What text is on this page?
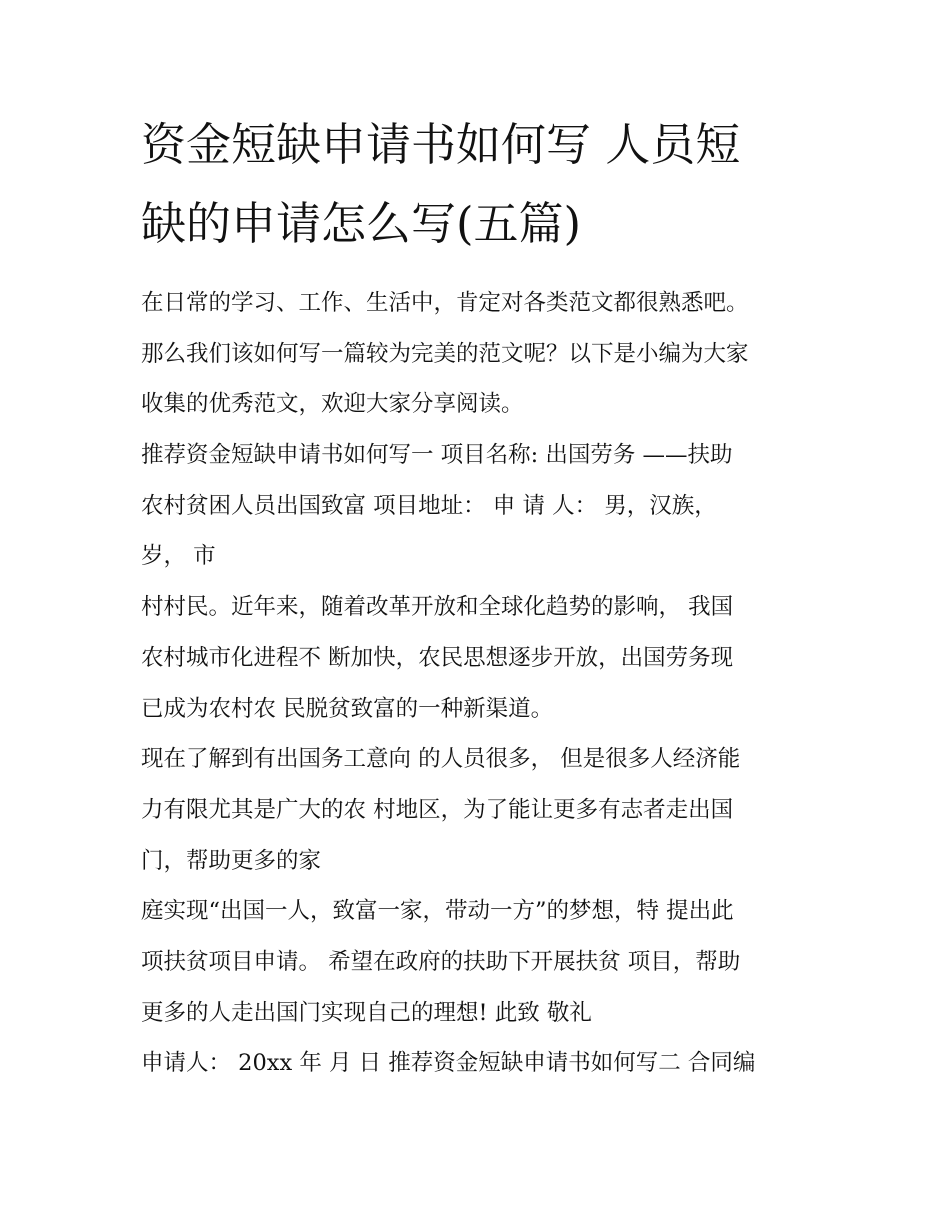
资金短缺申请书如何写 人员短
缺的申请怎么写(五篇)
在日常的学习、工作、生活中，肯定对各类范文都很熟悉吧。
那么我们该如何写一篇较为完美的范文呢？以下是小编为大家
收集的优秀范文，欢迎大家分享阅读。
推荐资金短缺申请书如何写一 项目名称: 出国劳务 ——扶助
农村贫困人员出国致富 项目地址： 申 请 人： 男，汉族，
岁， 市
村村民。近年来，随着改革开放和全球化趋势的影响， 我国
农村城市化进程不 断加快，农民思想逐步开放，出国劳务现
已成为农村农 民脱贫致富的一种新渠道。
现在了解到有出国务工意向 的人员很多， 但是很多人经济能
力有限尤其是广大的农 村地区，为了能让更多有志者走出国
门，帮助更多的家
庭实现“出国一人，致富一家，带动一方”的梦想，特 提出此
项扶贫项目申请。 希望在政府的扶助下开展扶贫 项目，帮助
更多的人走出国门实现自己的理想! 此致 敬礼
申请人： 20xx 年 月 日 推荐资金短缺申请书如何写二 合同编
